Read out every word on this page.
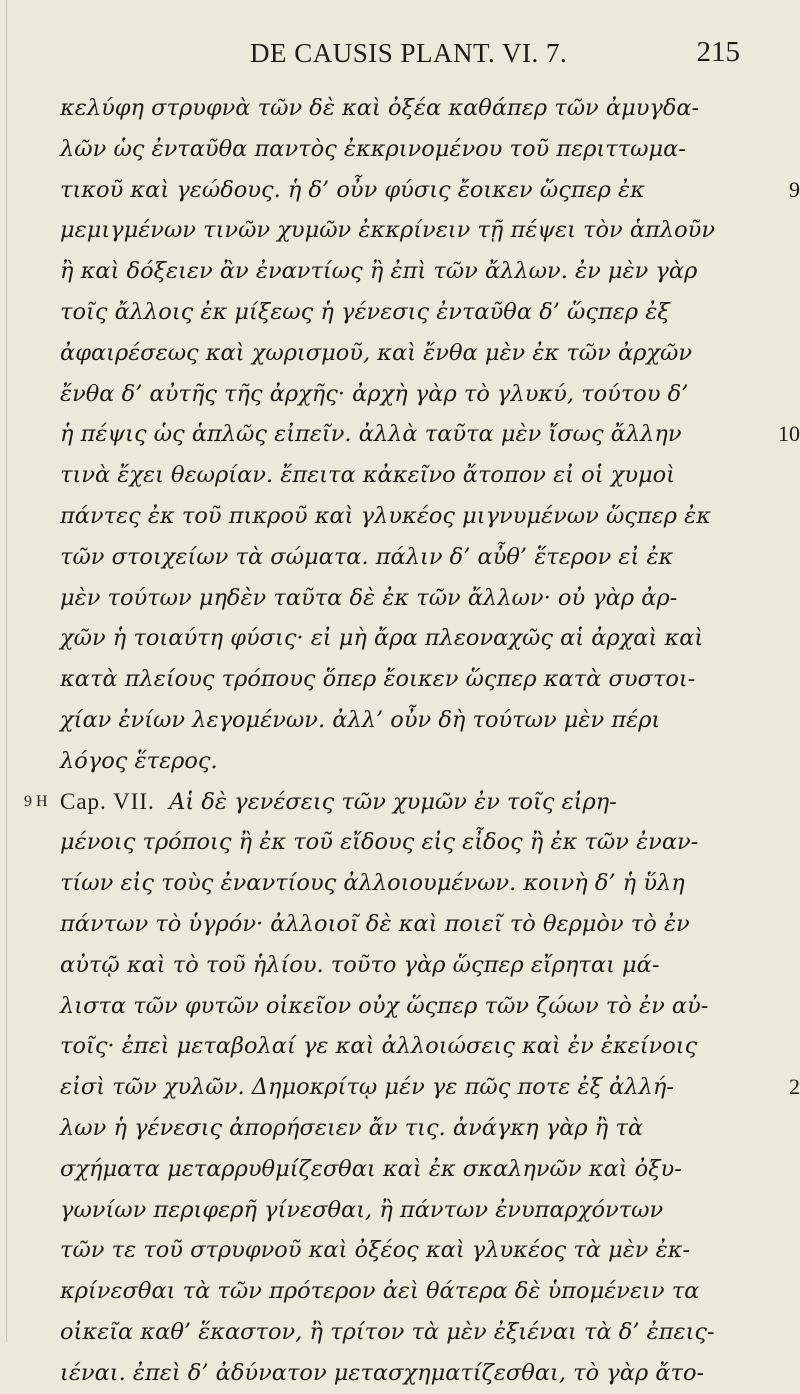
DE CAUSIS PLANT. VI. 7.	215
κελύφη στρυφνὰ τῶν δὲ καὶ ὀξέα καθάπερ τῶν ἀμυγδα-
λῶν ὡς ἐνταῦθα παντὸς ἐκκρινομένου τοῦ περιττωμα-
τικοῦ καὶ γεώδους. ἡ δ’ οὖν φύσις ἔοικεν ὥςπερ ἐκ	9
μεμιγμένων τινῶν χυμῶν ἐκκρίνειν τῇ πέψει τὸν ἁπλοῦν
ἢ καὶ δόξειεν ἂν ἐναντίως ἢ ἐπὶ τῶν ἄλλων. ἐν μὲν γὰρ
τοῖς ἄλλοις ἐκ μίξεως ἡ γένεσις ἐνταῦθα δ’ ὥςπερ ἐξ
ἀφαιρέσεως καὶ χωρισμοῦ, καὶ ἔνθα μὲν ἐκ τῶν ἀρχῶν
ἔνθα δ’ αὐτῆς τῆς ἀρχῆς· ἀρχὴ γὰρ τὸ γλυκύ, τούτου δ’
ἡ πέψις ὡς ἁπλῶς εἰπεῖν. ἀλλὰ ταῦτα μὲν ἴσως ἄλλην	10
τινὰ ἔχει θεωρίαν. ἔπειτα κἀκεῖνο ἄτοπον εἰ οἱ χυμοὶ
πάντες ἐκ τοῦ πικροῦ καὶ γλυκέος μιγνυμένων ὥςπερ ἐκ
τῶν στοιχείων τὰ σώματα. πάλιν δ’ αὖθ’ ἕτερον εἰ ἐκ
μὲν τούτων μηδὲν ταῦτα δὲ ἐκ τῶν ἄλλων· οὐ γὰρ ἀρ-
χῶν ἡ τοιαύτη φύσις· εἰ μὴ ἄρα πλεοναχῶς αἱ ἀρχαὶ καὶ
κατὰ πλείους τρόπους ὅπερ ἔοικεν ὥςπερ κατὰ συστοι-
χίαν ἐνίων λεγομένων. ἀλλ’ οὖν δὴ τούτων μὲν πέρι
λόγος ἕτερος.
9 H Cap. VII. Αἱ δὲ γενέσεις τῶν χυμῶν ἐν τοῖς εἰρη-
μένοις τρόποις ἢ ἐκ τοῦ εἴδους εἰς εἶδος ἢ ἐκ τῶν ἐναν-
τίων εἰς τοὺς ἐναντίους ἀλλοιουμένων. κοινὴ δ’ ἡ ὕλη
πάντων τὸ ὑγρόν· ἀλλοιοῖ δὲ καὶ ποιεῖ τὸ θερμὸν τὸ ἐν
αὐτῷ καὶ τὸ τοῦ ἡλίου. τοῦτο γὰρ ὥςπερ εἴρηται μά-
λιστα τῶν φυτῶν οἰκεῖον οὐχ ὥςπερ τῶν ζώων τὸ ἐν αὐ-
τοῖς· ἐπεὶ μεταβολαί γε καὶ ἀλλοιώσεις καὶ ἐν ἐκείνοις
εἰσὶ τῶν χυλῶν. Δημοκρίτῳ μέν γε πῶς ποτε ἐξ ἀλλή-	2
λων ἡ γένεσις ἀπορήσειεν ἄν τις. ἀνάγκη γὰρ ἢ τὰ
σχήματα μεταρρυθμίζεσθαι καὶ ἐκ σκαληνῶν καὶ ὀξυ-
γωνίων περιφερῆ γίνεσθαι, ἢ πάντων ἐνυπαρχόντων
τῶν τε τοῦ στρυφνοῦ καὶ ὀξέος καὶ γλυκέος τὰ μὲν ἐκ-
κρίνεσθαι τὰ τῶν πρότερον ἀεὶ θάτερα δὲ ὑπομένειν τα
οἰκεῖα καθ’ ἕκαστον, ἢ τρίτον τὰ μὲν ἐξιέναι τὰ δ’ ἐπεις-
ιέναι. ἐπεὶ δ’ ἀδύνατον μετασχηματίζεσθαι, τὸ γὰρ ἄτο-
